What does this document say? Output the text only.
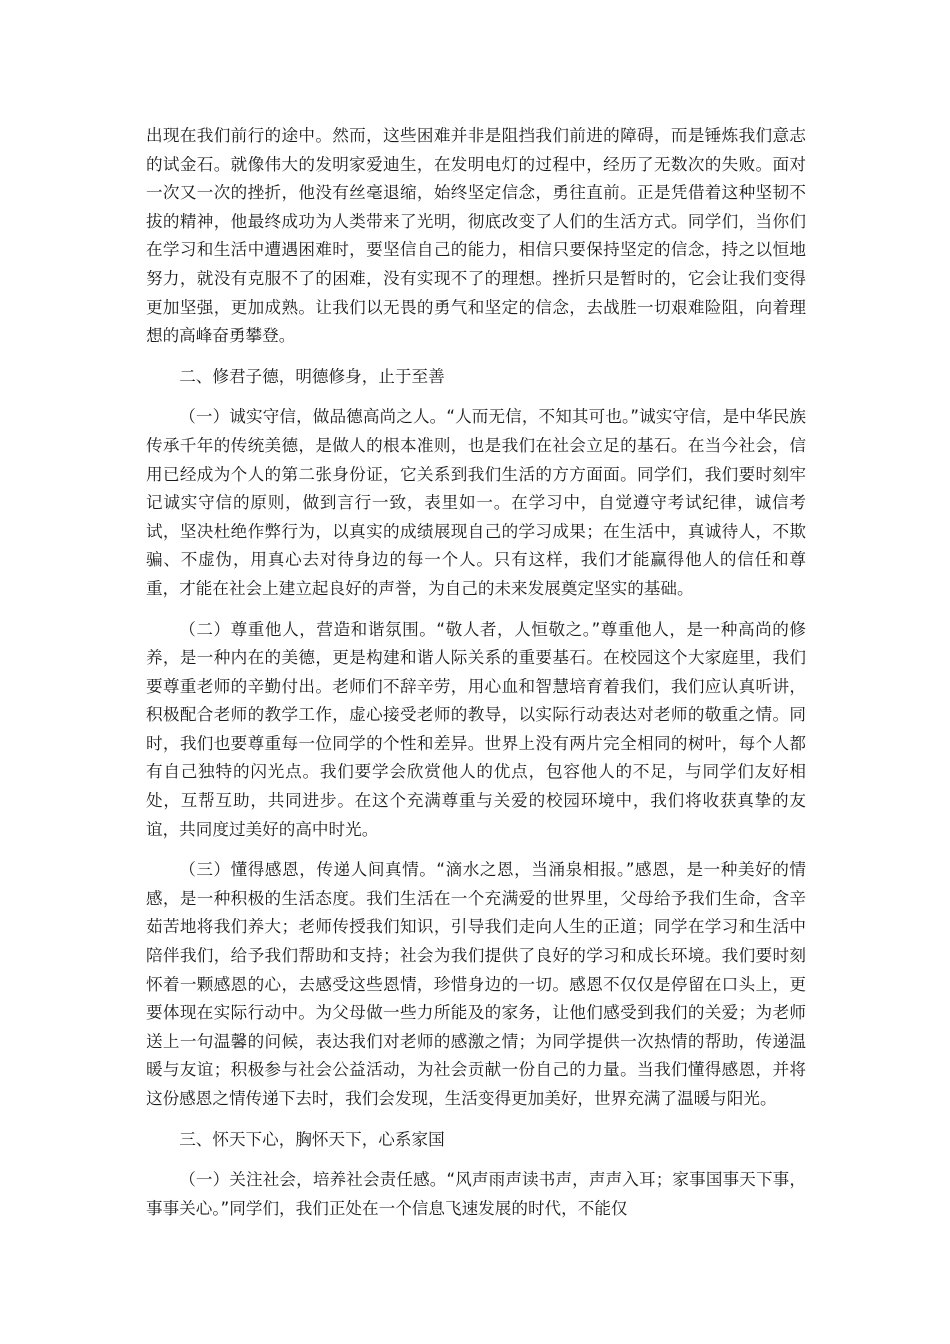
出现在我们前行的途中。然而，这些困难并非是阻挡我们前进的障碍，而是锤炼我们意志的试金石。就像伟大的发明家爱迪生，在发明电灯的过程中，经历了无数次的失败。面对一次又一次的挫折，他没有丝毫退缩，始终坚定信念，勇往直前。正是凭借着这种坚韧不拔的精神，他最终成功为人类带来了光明，彻底改变了人们的生活方式。同学们，当你们在学习和生活中遭遇困难时，要坚信自己的能力，相信只要保持坚定的信念，持之以恒地努力，就没有克服不了的困难，没有实现不了的理想。挫折只是暂时的，它会让我们变得更加坚强，更加成熟。让我们以无畏的勇气和坚定的信念，去战胜一切艰难险阻，向着理想的高峰奋勇攀登。

二、修君子德，明德修身，止于至善

（一）诚实守信，做品德高尚之人。“人而无信，不知其可也。”诚实守信，是中华民族传承千年的传统美德，是做人的根本准则，也是我们在社会立足的基石。在当今社会，信用已经成为个人的第二张身份证，它关系到我们生活的方方面面。同学们，我们要时刻牢记诚实守信的原则，做到言行一致，表里如一。在学习中，自觉遵守考试纪律，诚信考试，坚决杜绝作弊行为，以真实的成绩展现自己的学习成果；在生活中，真诚待人，不欺骗、不虚伪，用真心去对待身边的每一个人。只有这样，我们才能赢得他人的信任和尊重，才能在社会上建立起良好的声誉，为自己的未来发展奠定坚实的基础。

（二）尊重他人，营造和谐氛围。“敬人者，人恒敬之。”尊重他人，是一种高尚的修养，是一种内在的美德，更是构建和谐人际关系的重要基石。在校园这个大家庭里，我们要尊重老师的辛勤付出。老师们不辞辛劳，用心血和智慧培育着我们，我们应认真听讲，积极配合老师的教学工作，虚心接受老师的教导，以实际行动表达对老师的敬重之情。同时，我们也要尊重每一位同学的个性和差异。世界上没有两片完全相同的树叶，每个人都有自己独特的闪光点。我们要学会欣赏他人的优点，包容他人的不足，与同学们友好相处，互帮互助，共同进步。在这个充满尊重与关爱的校园环境中，我们将收获真挚的友谊，共同度过美好的高中时光。

（三）懂得感恩，传递人间真情。“滴水之恩，当涌泉相报。”感恩，是一种美好的情感，是一种积极的生活态度。我们生活在一个充满爱的世界里，父母给予我们生命，含辛茹苦地将我们养大；老师传授我们知识，引导我们走向人生的正道；同学在学习和生活中陪伴我们，给予我们帮助和支持；社会为我们提供了良好的学习和成长环境。我们要时刻怀着一颗感恩的心，去感受这些恩情，珍惜身边的一切。感恩不仅仅是停留在口头上，更要体现在实际行动中。为父母做一些力所能及的家务，让他们感受到我们的关爱；为老师送上一句温馨的问候，表达我们对老师的感激之情；为同学提供一次热情的帮助，传递温暖与友谊；积极参与社会公益活动，为社会贡献一份自己的力量。当我们懂得感恩，并将这份感恩之情传递下去时，我们会发现，生活变得更加美好，世界充满了温暖与阳光。

三、怀天下心，胸怀天下，心系家国

（一）关注社会，培养社会责任感。“风声雨声读书声，声声入耳；家事国事天下事，事事关心。”同学们，我们正处在一个信息飞速发展的时代，不能仅
